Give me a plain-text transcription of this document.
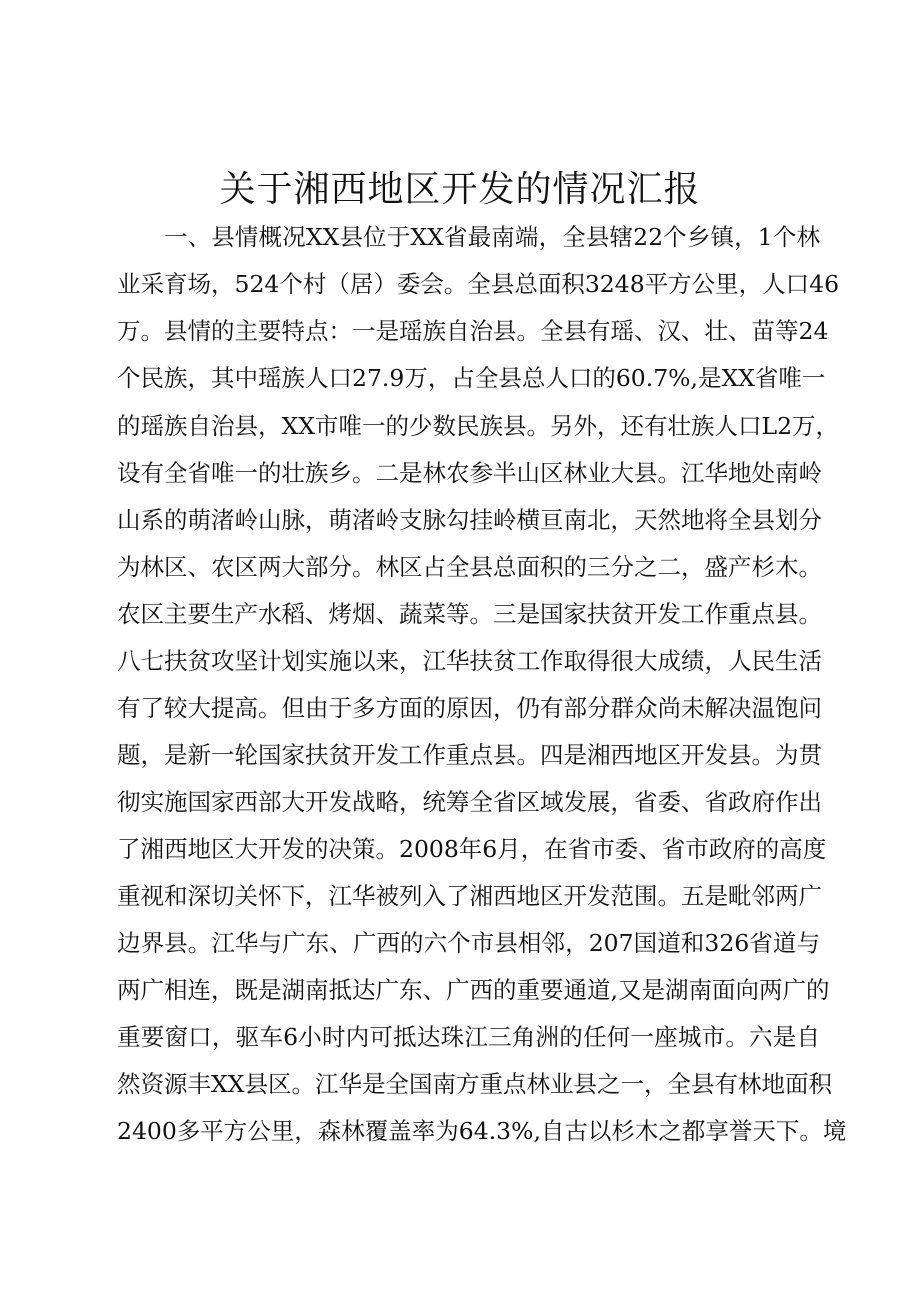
关于湘西地区开发的情况汇报
一、县情概况XX县位于XX省最南端，全县辖22个乡镇，1个林
业采育场，524个村（居）委会。全县总面积3248平方公里，人口46
万。县情的主要特点：一是瑶族自治县。全县有瑶、汉、壮、苗等24
个民族，其中瑶族人口27.9万，占全县总人口的60.7%,是XX省唯一
的瑶族自治县，XX市唯一的少数民族县。另外，还有壮族人口L2万，
设有全省唯一的壮族乡。二是林农参半山区林业大县。江华地处南岭
山系的萌渚岭山脉，萌渚岭支脉勾挂岭横亘南北，天然地将全县划分
为林区、农区两大部分。林区占全县总面积的三分之二，盛产杉木。
农区主要生产水稻、烤烟、蔬菜等。三是国家扶贫开发工作重点县。
八七扶贫攻坚计划实施以来，江华扶贫工作取得很大成绩，人民生活
有了较大提高。但由于多方面的原因，仍有部分群众尚未解决温饱问
题，是新一轮国家扶贫开发工作重点县。四是湘西地区开发县。为贯
彻实施国家西部大开发战略，统筹全省区域发展，省委、省政府作出
了湘西地区大开发的决策。2008年6月，在省市委、省市政府的高度
重视和深切关怀下，江华被列入了湘西地区开发范围。五是毗邻两广
边界县。江华与广东、广西的六个市县相邻，207国道和326省道与
两广相连，既是湖南抵达广东、广西的重要通道,又是湖南面向两广的
重要窗口，驱车6小时内可抵达珠江三角洲的任何一座城市。六是自
然资源丰XX县区。江华是全国南方重点林业县之一，全县有林地面积
2400多平方公里，森林覆盖率为64.3%,自古以杉木之都享誉天下。境
